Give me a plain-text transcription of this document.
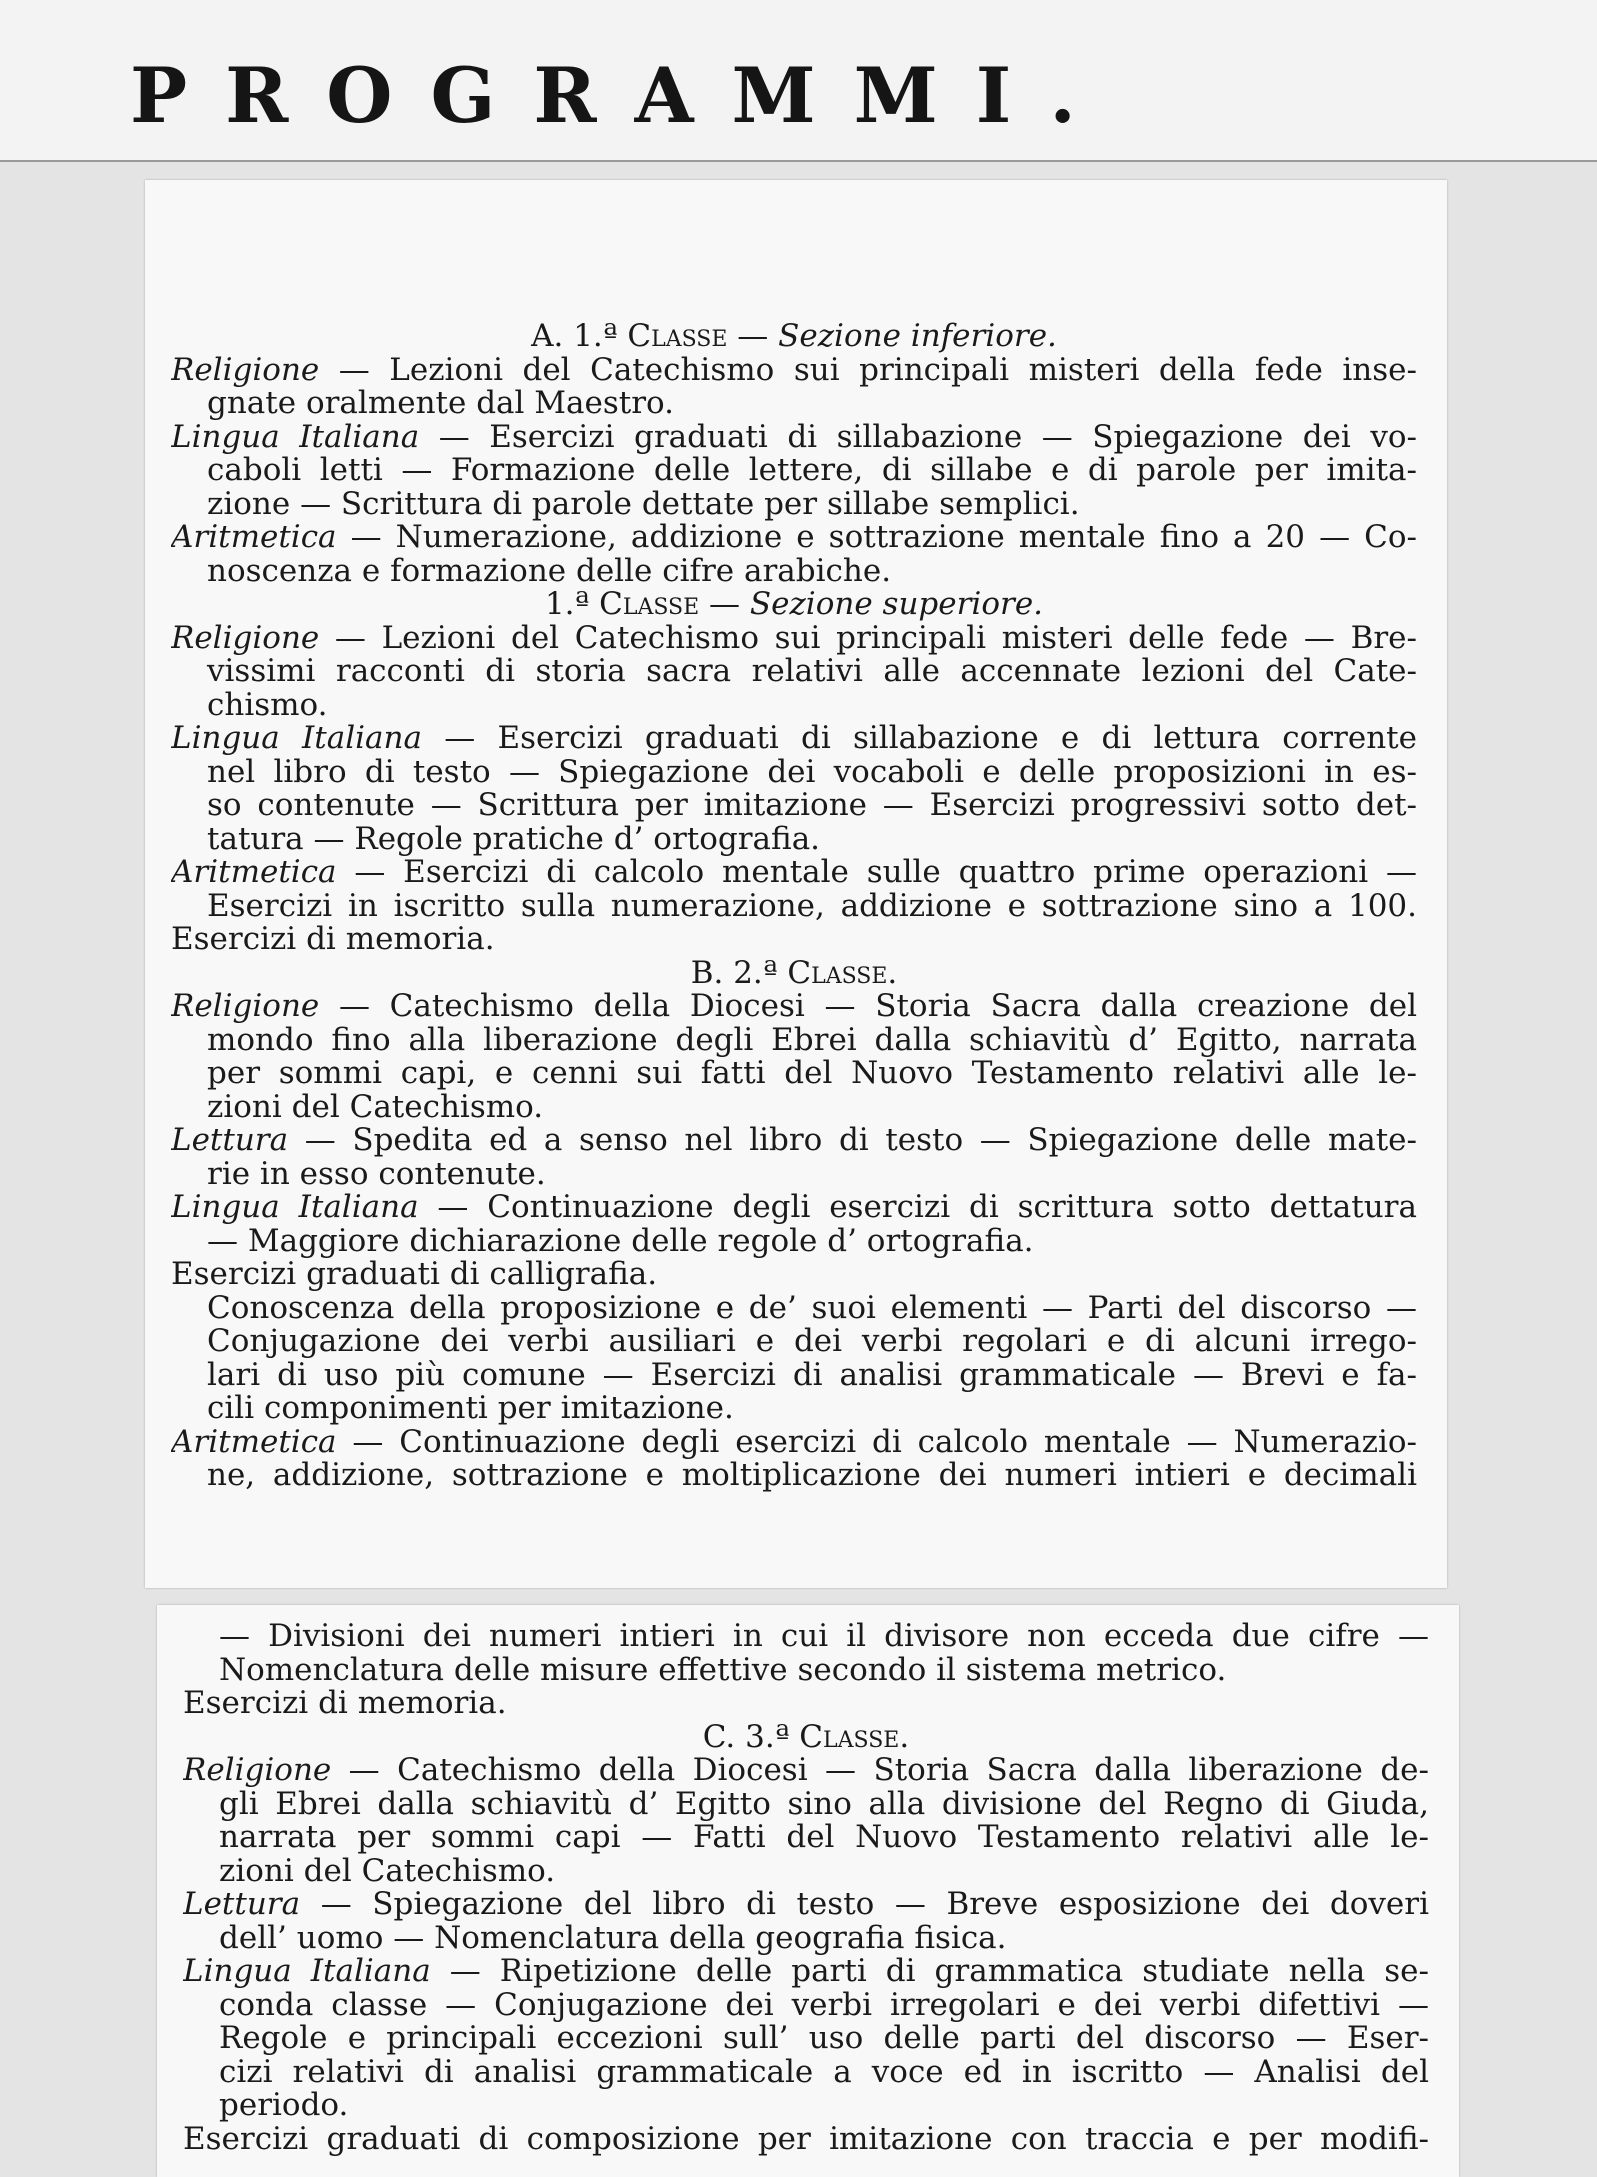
PROGRAMMI.
A. 1.ª Classe — Sezione inferiore.
Religione — Lezioni del Catechismo sui principali misteri della fede inse-
gnate oralmente dal Maestro.
Lingua Italiana — Esercizi graduati di sillabazione — Spiegazione dei vo-
caboli letti — Formazione delle lettere, di sillabe e di parole per imita-
zione — Scrittura di parole dettate per sillabe semplici.
Aritmetica — Numerazione, addizione e sottrazione mentale fino a 20 — Co-
noscenza e formazione delle cifre arabiche.
1.ª Classe — Sezione superiore.
Religione — Lezioni del Catechismo sui principali misteri delle fede — Bre-
vissimi racconti di storia sacra relativi alle accennate lezioni del Cate-
chismo.
Lingua Italiana — Esercizi graduati di sillabazione e di lettura corrente
nel libro di testo — Spiegazione dei vocaboli e delle proposizioni in es-
so contenute — Scrittura per imitazione — Esercizi progressivi sotto det-
tatura — Regole pratiche d’ ortografia.
Aritmetica — Esercizi di calcolo mentale sulle quattro prime operazioni —
Esercizi in iscritto sulla numerazione, addizione e sottrazione sino a 100.
Esercizi di memoria.
B. 2.ª Classe.
Religione — Catechismo della Diocesi — Storia Sacra dalla creazione del
mondo fino alla liberazione degli Ebrei dalla schiavitù d’ Egitto, narrata
per sommi capi, e cenni sui fatti del Nuovo Testamento relativi alle le-
zioni del Catechismo.
Lettura — Spedita ed a senso nel libro di testo — Spiegazione delle mate-
rie in esso contenute.
Lingua Italiana — Continuazione degli esercizi di scrittura sotto dettatura
— Maggiore dichiarazione delle regole d’ ortografia.
Esercizi graduati di calligrafia.
Conoscenza della proposizione e de’ suoi elementi — Parti del discorso —
Conjugazione dei verbi ausiliari e dei verbi regolari e di alcuni irrego-
lari di uso più comune — Esercizi di analisi grammaticale — Brevi e fa-
cili componimenti per imitazione.
Aritmetica — Continuazione degli esercizi di calcolo mentale — Numerazio-
ne, addizione, sottrazione e moltiplicazione dei numeri intieri e decimali
— Divisioni dei numeri intieri in cui il divisore non ecceda due cifre —
Nomenclatura delle misure effettive secondo il sistema metrico.
Esercizi di memoria.
C. 3.ª Classe.
Religione — Catechismo della Diocesi — Storia Sacra dalla liberazione de-
gli Ebrei dalla schiavitù d’ Egitto sino alla divisione del Regno di Giuda,
narrata per sommi capi — Fatti del Nuovo Testamento relativi alle le-
zioni del Catechismo.
Lettura — Spiegazione del libro di testo — Breve esposizione dei doveri
dell’ uomo — Nomenclatura della geografia fisica.
Lingua Italiana — Ripetizione delle parti di grammatica studiate nella se-
conda classe — Conjugazione dei verbi irregolari e dei verbi difettivi —
Regole e principali eccezioni sull’ uso delle parti del discorso — Eser-
cizi relativi di analisi grammaticale a voce ed in iscritto — Analisi del
periodo.
Esercizi graduati di composizione per imitazione con traccia e per modifi-
